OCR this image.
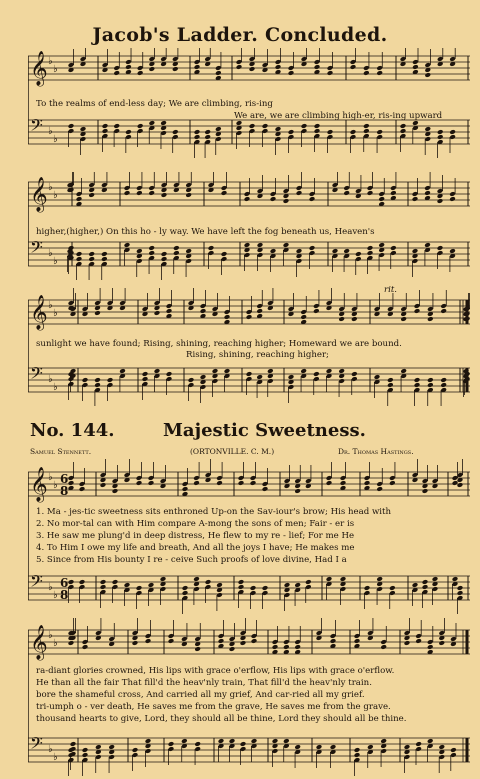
Jacob's Ladder. Concluded.
𝄞 ♭
♭
𝄢 ♭
♭
To the realms of end-less day; We are climbing, ris-ing
We are, we are climbing high-er, ris-ing upward
𝄞 ♭
♭
𝄢 ♭
♭
higher,(higher,) On this ho - ly way. We have left the fog beneath us, Heaven's
𝄞 ♭
♭
𝄢 ♭
♭
sunlight we have found; Rising, shining, reaching higher; Homeward we are bound.
Rising, shining, reaching higher;
rit.
No. 144.	Majestic Sweetness.
Samuel Stennett.	(ORTONVILLE. C. M.)	Dr. Thomas Hastings.
𝄞 ♭
♭ 6
8
𝄢 ♭
♭
6
8
1. Ma - jes-tic sweetness sits enthroned Up-on the Sav-iour's brow; His head with
2. No mor-tal can with Him compare A-mong the sons of men; Fair - er is
3. He saw me plung'd in deep distress, He flew to my re - lief; For me He
4. To Him I owe my life and breath, And all the joys I have; He makes me
5. Since from His bounty I re - ceive Such proofs of love divine, Had I a
𝄞 ♭
♭
𝄢 ♭
♭
ra-diant glories crowned, His lips with grace o'erflow, His lips with grace o'erflow.
He than all the fair That fill'd the heav'nly train, That fill'd the heav'nly train.
bore the shameful cross, And carried all my grief, And car-ried all my grief.
tri-umph o - ver death, He saves me from the grave, He saves me from the grave.
thousand hearts to give, Lord, they should all be thine, Lord they should all be thine.
